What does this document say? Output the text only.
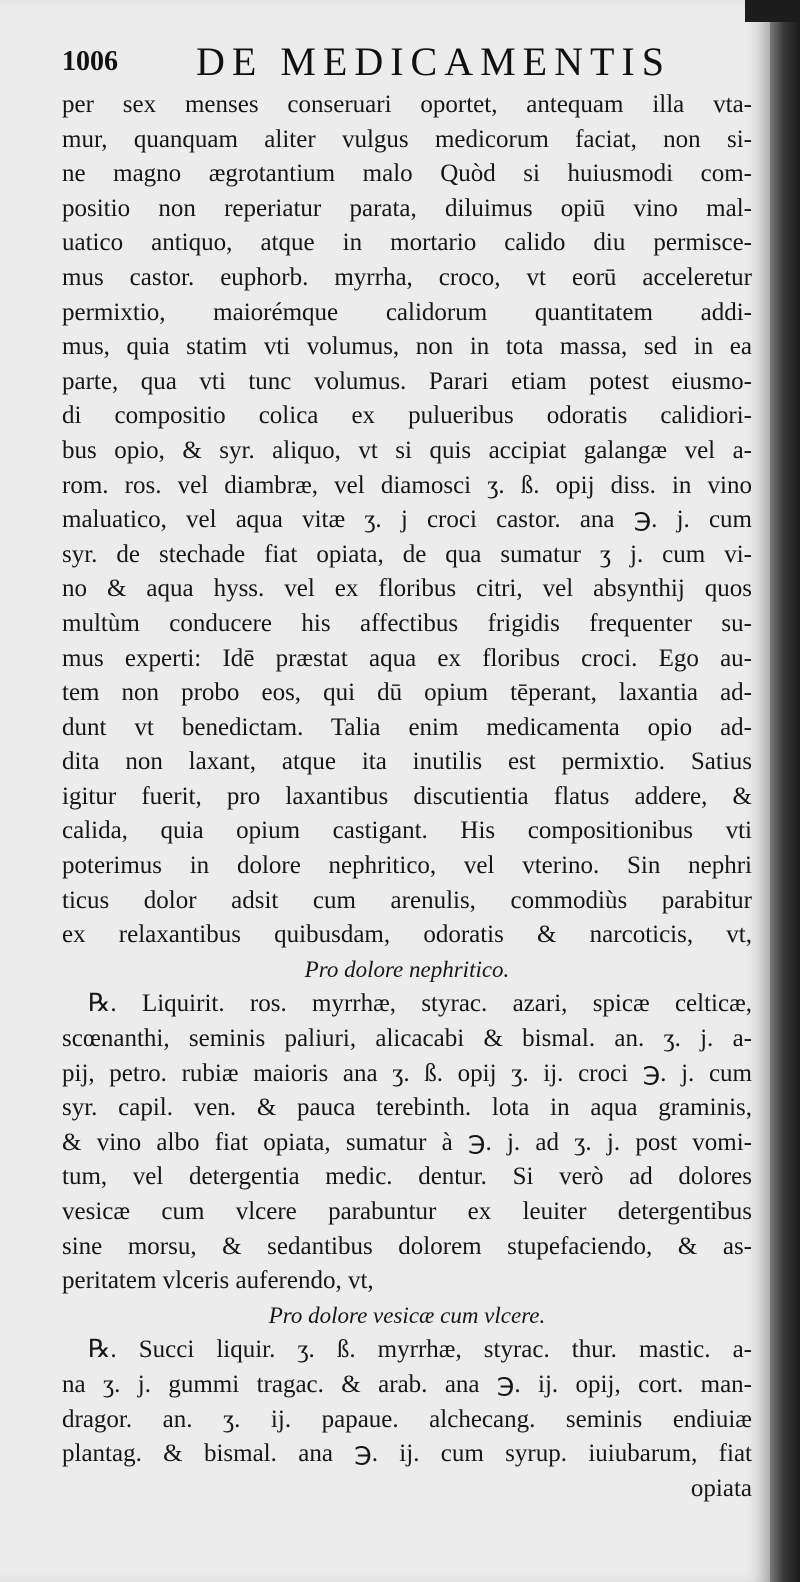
1006 DE MEDICAMENTIS
per sex menses conseruari oportet, antequam illa vta-
mur, quanquam aliter vulgus medicorum faciat, non si-
ne magno ægrotantium malo Quòd si huiusmodi com-
positio non reperiatur parata, diluimus opiū vino mal-
uatico antiquo, atque in mortario calido diu permisce-
mus castor. euphorb. myrrha, croco, vt eorū acceleretur
permixtio, maiorémque calidorum quantitatem addi-
mus, quia statim vti volumus, non in tota massa, sed in ea
parte, qua vti tunc volumus. Parari etiam potest eiusmo-
di compositio colica ex pulueribus odoratis calidiori-
bus opio, & syr. aliquo, vt si quis accipiat galangæ vel a-
rom. ros. vel diambræ, vel diamosci ʒ. ß. opij diss. in vino
maluatico, vel aqua vitæ ʒ. j croci castor. ana ℈. j. cum
syr. de stechade fiat opiata, de qua sumatur ʒ j. cum vi-
no & aqua hyss. vel ex floribus citri, vel absynthij quos
multùm conducere his affectibus frigidis frequenter su-
mus experti: Idē præstat aqua ex floribus croci. Ego au-
tem non probo eos, qui dū opium tēperant, laxantia ad-
dunt vt benedictam. Talia enim medicamenta opio ad-
dita non laxant, atque ita inutilis est permixtio. Satius
igitur fuerit, pro laxantibus discutientia flatus addere, &
calida, quia opium castigant. His compositionibus vti
poterimus in dolore nephritico, vel vterino. Sin nephri
ticus dolor adsit cum arenulis, commodiùs parabitur
ex relaxantibus quibusdam, odoratis & narcoticis, vt,
Pro dolore nephritico.
℞. Liquirit. ros. myrrhæ, styrac. azari, spicæ celticæ,
scœnanthi, seminis paliuri, alicacabi & bismal. an. ʒ. j. a-
pij, petro. rubiæ maioris ana ʒ. ß. opij ʒ. ij. croci ℈. j. cum
syr. capil. ven. & pauca terebinth. lota in aqua graminis,
& vino albo fiat opiata, sumatur à ℈. j. ad ʒ. j. post vomi-
tum, vel detergentia medic. dentur. Si verò ad dolores
vesicæ cum vlcere parabuntur ex leuiter detergentibus
sine morsu, & sedantibus dolorem stupefaciendo, & as-
peritatem vlceris auferendo, vt,
Pro dolore vesicæ cum vlcere.
℞. Succi liquir. ʒ. ß. myrrhæ, styrac. thur. mastic. a-
na ʒ. j. gummi tragac. & arab. ana ℈. ij. opij, cort. man-
dragor. an. ʒ. ij. papaue. alchecang. seminis endiuiæ
plantag. & bismal. ana ℈. ij. cum syrup. iuiubarum, fiat
opiata
